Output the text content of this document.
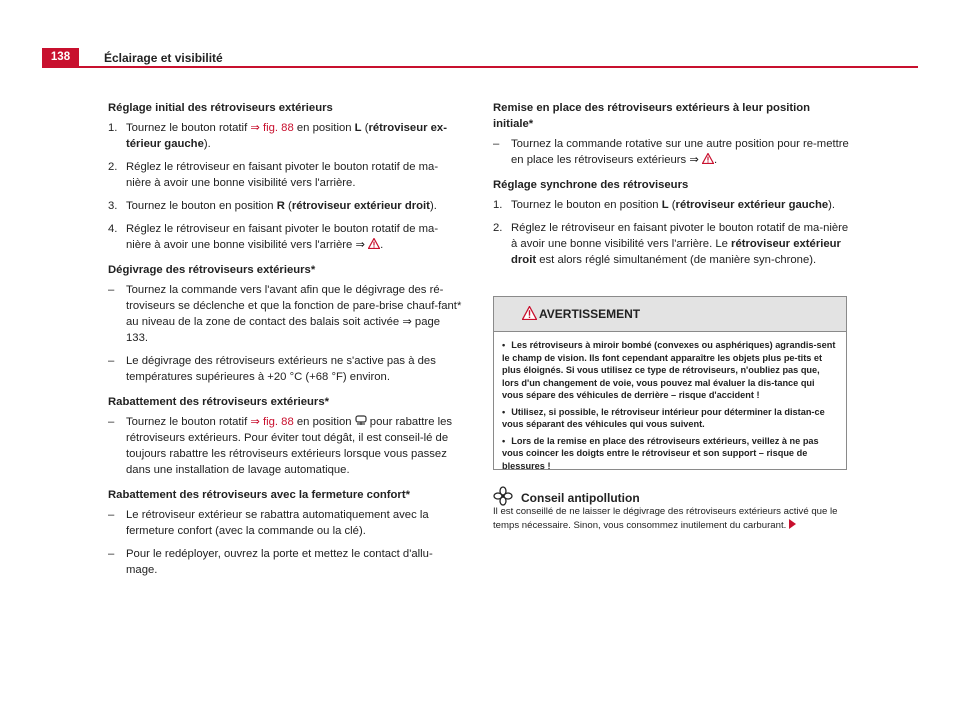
138	Éclairage et visibilité
Réglage initial des rétroviseurs extérieurs
1. Tournez le bouton rotatif ⇒ fig. 88 en position L (rétroviseur ex-térieur gauche).
2. Réglez le rétroviseur en faisant pivoter le bouton rotatif de ma-nière à avoir une bonne visibilité vers l'arrière.
3. Tournez le bouton en position R (rétroviseur extérieur droit).
4. Réglez le rétroviseur en faisant pivoter le bouton rotatif de ma-nière à avoir une bonne visibilité vers l'arrière ⇒ .
Dégivrage des rétroviseurs extérieurs*
– Tournez la commande vers l'avant afin que le dégivrage des ré-troviseurs se déclenche et que la fonction de pare-brise chauf-fant* au niveau de la zone de contact des balais soit activée ⇒ page 133.
– Le dégivrage des rétroviseurs extérieurs ne s'active pas à des températures supérieures à +20 °C (+68 °F) environ.
Rabattement des rétroviseurs extérieurs*
– Tournez le bouton rotatif ⇒ fig. 88 en position  pour rabattre les rétroviseurs extérieurs. Pour éviter tout dégât, il est conseil-lé de toujours rabattre les rétroviseurs extérieurs lorsque vous passez dans une installation de lavage automatique.
Rabattement des rétroviseurs avec la fermeture confort*
– Le rétroviseur extérieur se rabattra automatiquement avec la fermeture confort (avec la commande ou la clé).
– Pour le redéployer, ouvrez la porte et mettez le contact d'allu-mage.
Remise en place des rétroviseurs extérieurs à leur position initiale*
– Tournez la commande rotative sur une autre position pour re-mettre en place les rétroviseurs extérieurs ⇒ .
Réglage synchrone des rétroviseurs
1. Tournez le bouton en position L (rétroviseur extérieur gauche).
2. Réglez le rétroviseur en faisant pivoter le bouton rotatif de ma-nière à avoir une bonne visibilité vers l'arrière. Le rétroviseur extérieur droit est alors réglé simultanément (de manière syn-chrone).
AVERTISSEMENT

• Les rétroviseurs à miroir bombé (convexes ou asphériques) agrandis-sent le champ de vision. Ils font cependant apparaître les objets plus pe-tits et plus éloignés. Si vous utilisez ce type de rétroviseurs, n'oubliez pas que, lors d'un changement de voie, vous pouvez mal évaluer la dis-tance qui vous sépare des véhicules de derrière – risque d'accident !

• Utilisez, si possible, le rétroviseur intérieur pour déterminer la distan-ce vous séparant des véhicules qui vous suivent.

• Lors de la remise en place des rétroviseurs extérieurs, veillez à ne pas vous coincer les doigts entre le rétroviseur et son support – risque de blessures !

Conseil antipollution
Il est conseillé de ne laisser le dégivrage des rétroviseurs extérieurs activé que le temps nécessaire. Sinon, vous consommez inutilement du carburant.
